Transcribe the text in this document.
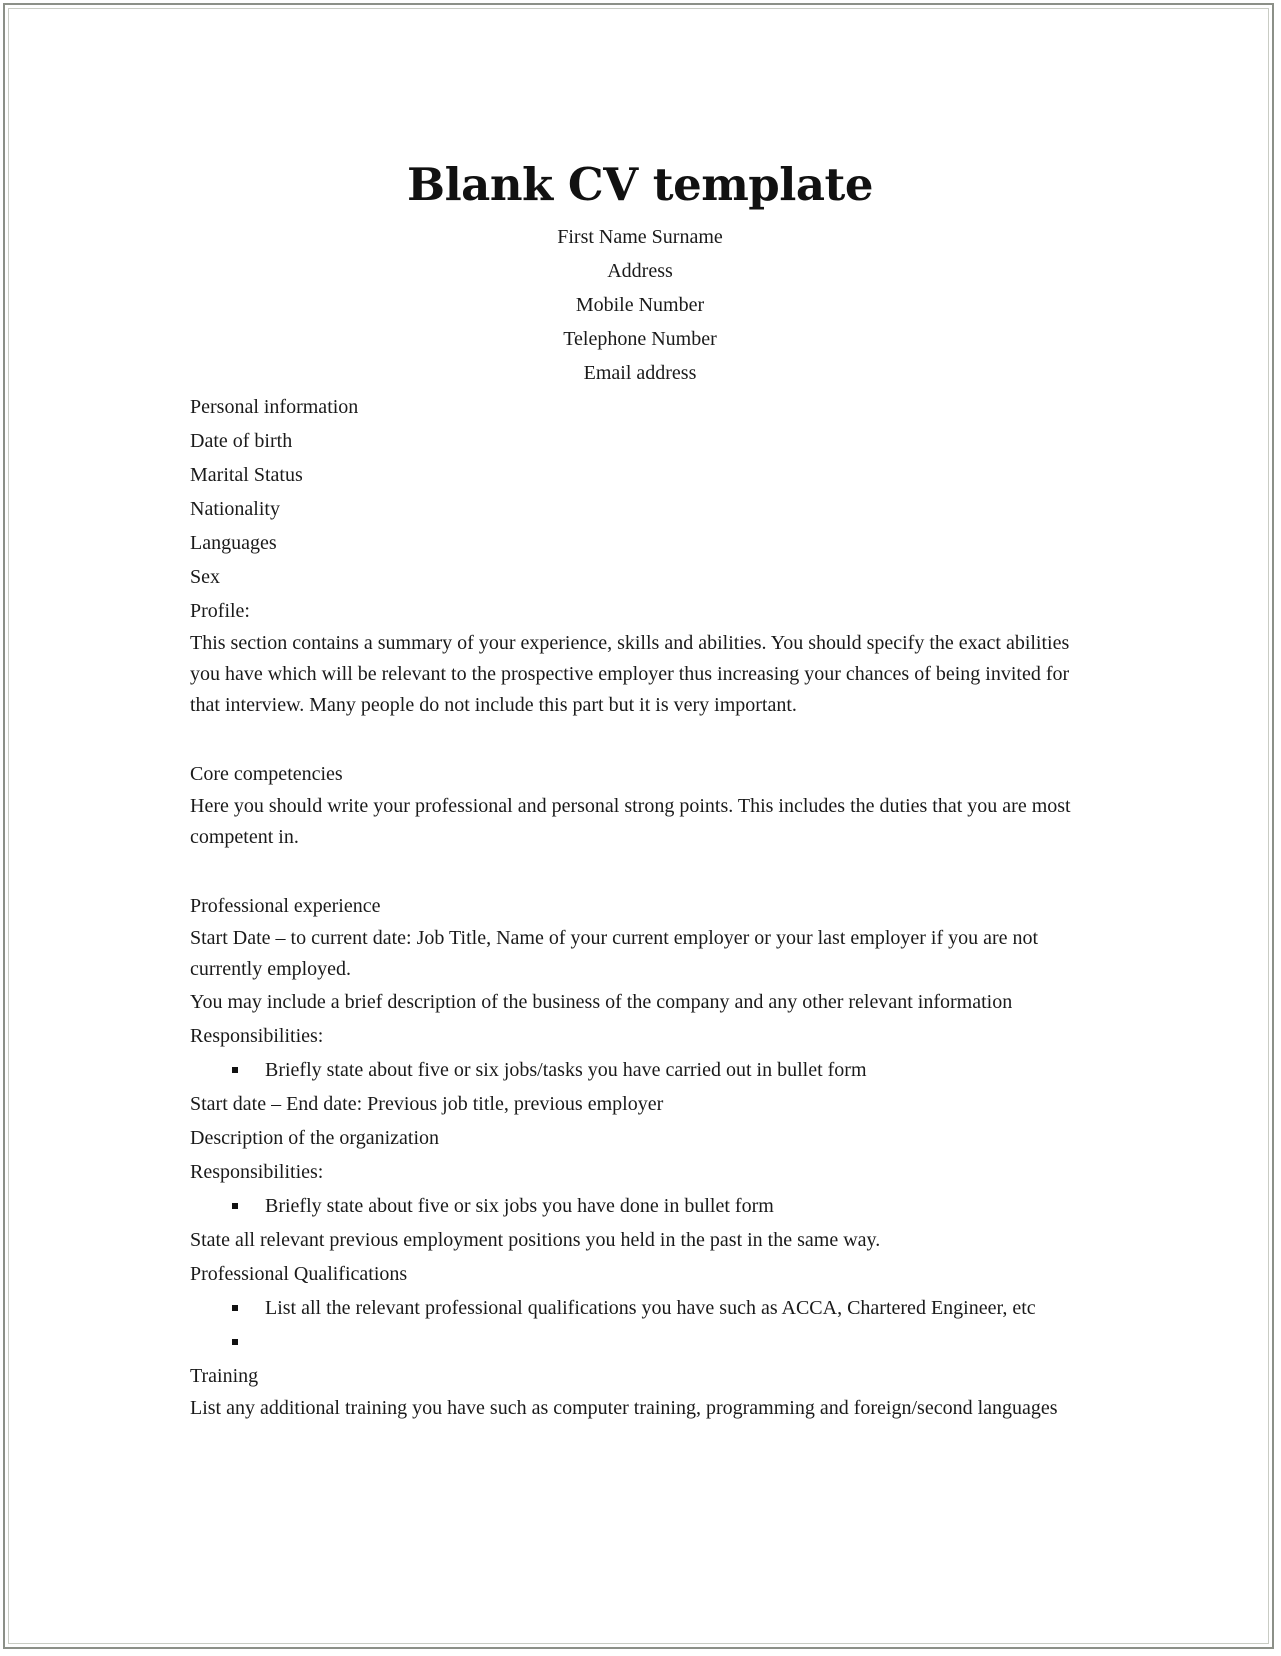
Blank CV template
First Name Surname
Address
Mobile Number
Telephone Number
Email address
Personal information
Date of birth
Marital Status
Nationality
Languages
Sex
Profile:
This section contains a summary of your experience, skills and abilities. You should specify the exact abilities you have which will be relevant to the prospective employer thus increasing your chances of being invited for that interview. Many people do not include this part but it is very important.
Core competencies
Here you should write your professional and personal strong points. This includes the duties that you are most competent in.
Professional experience
Start Date – to current date: Job Title, Name of your current employer or your last employer if you are not currently employed.
You may include a brief description of the business of the company and any other relevant information
Responsibilities:
Briefly state about five or six jobs/tasks you have carried out in bullet form
Start date – End date: Previous job title, previous employer
Description of the organization
Responsibilities:
Briefly state about five or six jobs you have done in bullet form
State all relevant previous employment positions you held in the past in the same way.
Professional Qualifications
List all the relevant professional qualifications you have such as ACCA, Chartered Engineer, etc
Training
List any additional training you have such as computer training, programming and foreign/second languages
